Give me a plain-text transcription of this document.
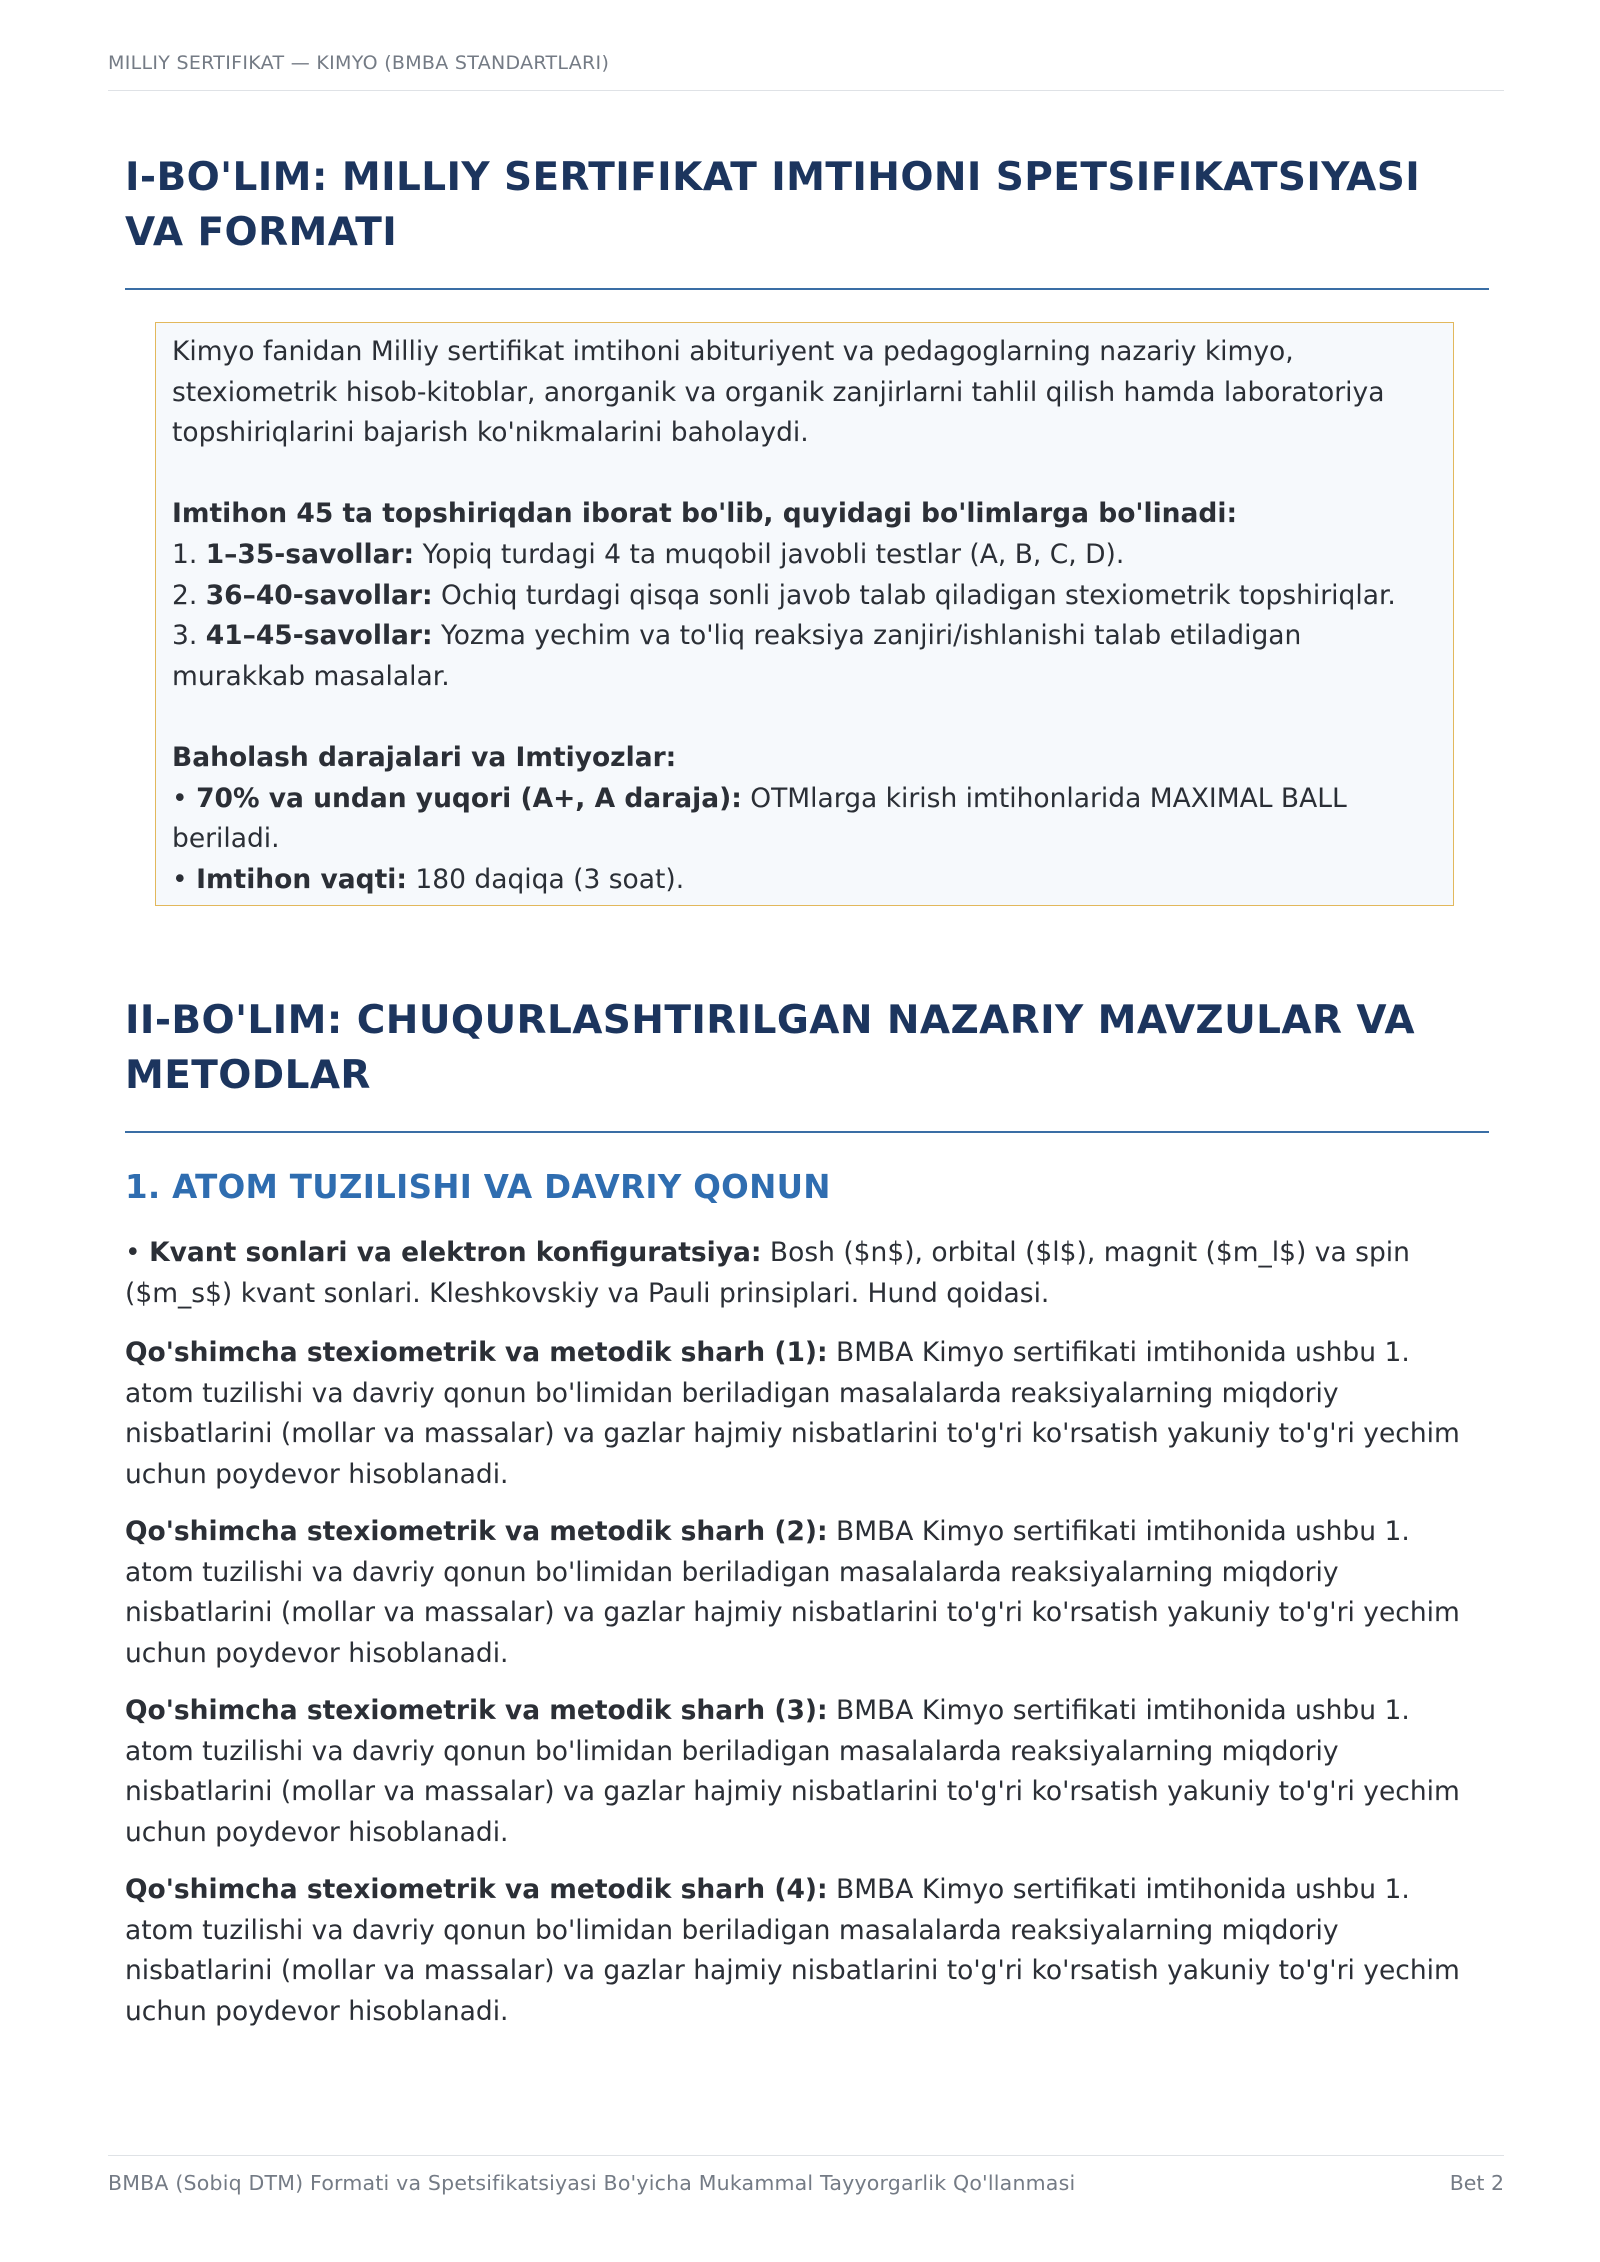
MILLIY SERTIFIKAT — KIMYO (BMBA STANDARTLARI)
I-BO'LIM: MILLIY SERTIFIKAT IMTIHONI SPETSIFIKATSIYASI
VA FORMATI

Kimyo fanidan Milliy sertifikat imtihoni abituriyent va pedagoglarning nazariy kimyo,
stexiometrik hisob-kitoblar, anorganik va organik zanjirlarni tahlil qilish hamda laboratoriya
topshiriqlarini bajarish ko'nikmalarini baholaydi.

Imtihon 45 ta topshiriqdan iborat bo'lib, quyidagi bo'limlarga bo'linadi:

1. 1–35-savollar: Yopiq turdagi 4 ta muqobil javobli testlar (A, B, C, D).

2. 36–40-savollar: Ochiq turdagi qisqa sonli javob talab qiladigan stexiometrik topshiriqlar.

3. 41–45-savollar: Yozma yechim va to'liq reaksiya zanjiri/ishlanishi talab etiladigan
murakkab masalalar.

Baholash darajalari va Imtiyozlar:

• 70% va undan yuqori (A+, A daraja): OTMlarga kirish imtihonlarida MAXIMAL BALL
beriladi.

• Imtihon vaqti: 180 daqiqa (3 soat).

II-BO'LIM: CHUQURLASHTIRILGAN NAZARIY MAVZULAR VA
METODLAR
1. ATOM TUZILISHI VA DAVRIY QONUN

• Kvant sonlari va elektron konfiguratsiya: Bosh ($n$), orbital ($l$), magnit ($m_l$) va spin
($m_s$) kvant sonlari. Kleshkovskiy va Pauli prinsiplari. Hund qoidasi.

Qo'shimcha stexiometrik va metodik sharh (1): BMBA Kimyo sertifikati imtihonida ushbu 1.
atom tuzilishi va davriy qonun bo'limidan beriladigan masalalarda reaksiyalarning miqdoriy
nisbatlarini (mollar va massalar) va gazlar hajmiy nisbatlarini to'g'ri ko'rsatish yakuniy to'g'ri yechim
uchun poydevor hisoblanadi.

Qo'shimcha stexiometrik va metodik sharh (2): BMBA Kimyo sertifikati imtihonida ushbu 1.
atom tuzilishi va davriy qonun bo'limidan beriladigan masalalarda reaksiyalarning miqdoriy
nisbatlarini (mollar va massalar) va gazlar hajmiy nisbatlarini to'g'ri ko'rsatish yakuniy to'g'ri yechim
uchun poydevor hisoblanadi.

Qo'shimcha stexiometrik va metodik sharh (3): BMBA Kimyo sertifikati imtihonida ushbu 1.
atom tuzilishi va davriy qonun bo'limidan beriladigan masalalarda reaksiyalarning miqdoriy
nisbatlarini (mollar va massalar) va gazlar hajmiy nisbatlarini to'g'ri ko'rsatish yakuniy to'g'ri yechim
uchun poydevor hisoblanadi.

Qo'shimcha stexiometrik va metodik sharh (4): BMBA Kimyo sertifikati imtihonida ushbu 1.
atom tuzilishi va davriy qonun bo'limidan beriladigan masalalarda reaksiyalarning miqdoriy
nisbatlarini (mollar va massalar) va gazlar hajmiy nisbatlarini to'g'ri ko'rsatish yakuniy to'g'ri yechim
uchun poydevor hisoblanadi.

BMBA (Sobiq DTM) Formati va Spetsifikatsiyasi Bo'yicha Mukammal Tayyorgarlik Qo'llanmasi	Bet 2
